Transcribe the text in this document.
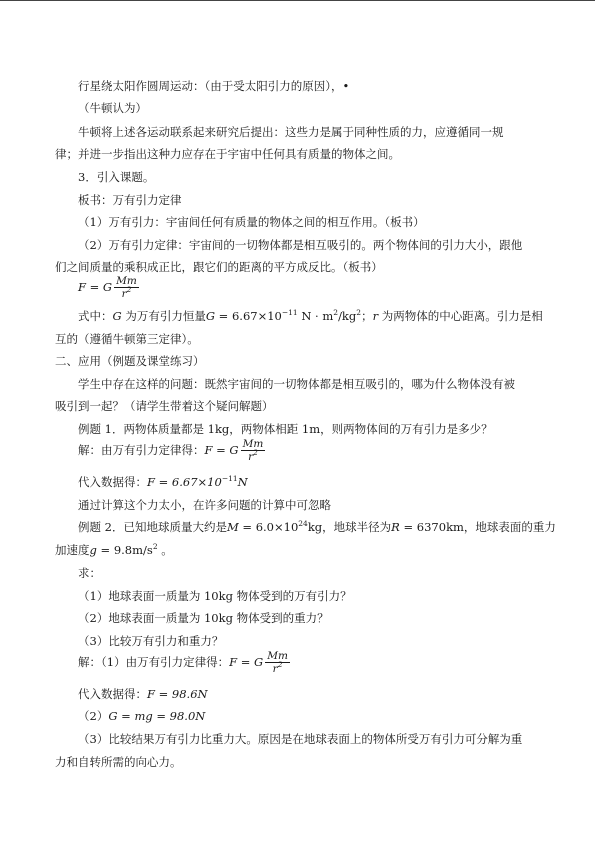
行星绕太阳作圆周运动：（由于受太阳引力的原因），•
（牛顿认为）
牛顿将上述各运动联系起来研究后提出：这些力是属于同种性质的力，应遵循同一规
律；并进一步指出这种力应存在于宇宙中任何具有质量的物体之间。
3．引入课题。
板书：万有引力定律
（1）万有引力：宇宙间任何有质量的物体之间的相互作用。（板书）
（2）万有引力定律：宇宙间的一切物体都是相互吸引的。两个物体间的引力大小，跟他
们之间质量的乘积成正比，跟它们的距离的平方成反比。（板书）
F = G $\frac{Mm}{r^2}$
式中：G 为万有引力恒量$G = 6.67\times 10^{-11}$ $N \cdot m^2/kg^2$；r 为两物体的中心距离。引力是相
互的（遵循牛顿第三定律）。
二、应用（例题及课堂练习）
学生中存在这样的问题：既然宇宙间的一切物体都是相互吸引的，哪为什么物体没有被
吸引到一起？（请学生带着这个疑问解题）
例题 1．两物体质量都是 1kg，两物体相距 1m，则两物体间的万有引力是多少？
解：由万有引力定律得：F = G $\frac{Mm}{r^2}$
代入数据得：$F = 6.67\times 10^{-11}N$
通过计算这个力太小，在许多问题的计算中可忽略
例题 2．已知地球质量大约是$M = 6.0\times 10^{24}kg$，地球半径为R = 6370km，地球表面的重力
加速度$g = 9.8m/s^2$ 。
求：
（1）地球表面一质量为 10kg 物体受到的万有引力？
（2）地球表面一质量为 10kg 物体受到的重力？
（3）比较万有引力和重力？
解：（1）由万有引力定律得：F = G $\frac{Mm}{r^2}$
代入数据得：F = 98.6N
（2）G = mg = 98.0N
（3）比较结果万有引力比重力大。原因是在地球表面上的物体所受万有引力可分解为重
力和自转所需的向心力。
